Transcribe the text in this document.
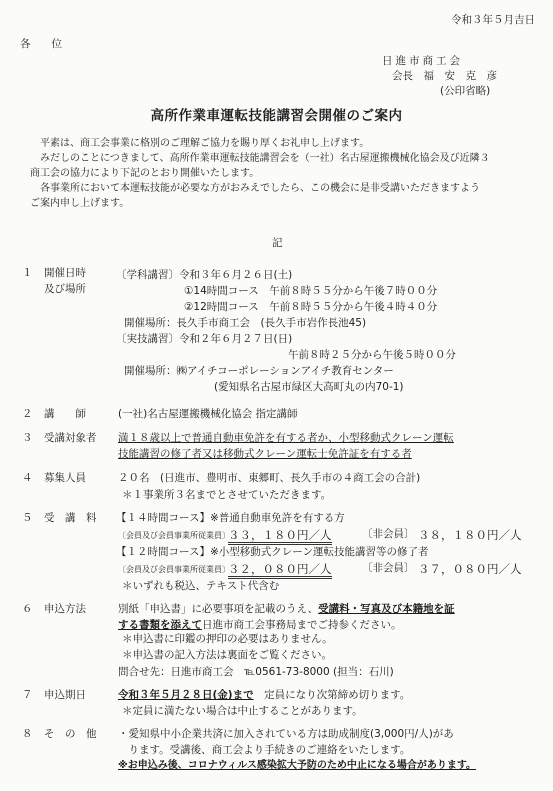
令和３年５月吉日
各　　位
日進市商工会
会長　福　安　克　彦
(公印省略)
高所作業車運転技能講習会開催のご案内
　平素は、商工会事業に格別のご理解ご協力を賜り厚くお礼申し上げます。
　みだしのことにつきまして、高所作業車運転技能講習会を（一社）名古屋運搬機械化協会及び近隣３
商工会の協力により下記のとおり開催いたします。
　各事業所において本運転技能が必要な方がおみえでしたら、この機会に是非受講いただきますよう
ご案内申し上げます。
記
１ 開催日時
及び場所
〔学科講習〕令和３年６月２６日(土)
①14時間コース　午前８時５５分から午後７時００分
②12時間コース　午前８時５５分から午後４時４０分
開催場所：長久手市商工会　(長久手市岩作長池45)
〔実技講習〕令和２年６月２７日(日)
午前８時２５分から午後５時００分
開催場所：㈱アイチコーポレーションアイチ教育センター
(愛知県名古屋市緑区大高町丸の内70-1)
２ 講　　師	(一社)名古屋運搬機械化協会 指定講師
３ 受講対象者 満１８歳以上で普通自動車免許を有する者か、小型移動式クレーン運転
技能講習の修了者又は移動式クレーン運転士免許証を有する者
４ 募集人員	２０名　(日進市、豊明市、東郷町、長久手市の４商工会の合計)
＊１事業所３名までとさせていただきます。
５ 受　講　料 【１４時間コース】※普通自動車免許を有する方
〔会員及び会員事業所従業員〕
３３，１８０円／人	〔非会員〕 ３８，１８０円／人
【１２時間コース】※小型移動式クレーン運転技能講習等の修了者
〔会員及び会員事業所従業員〕
３２，０８０円／人	〔非会員〕 ３７，０８０円／人
＊いずれも税込、テキスト代含む
６ 申込方法	別紙「申込書」に必要事項を記載のうえ、受講料・写真及び本籍地を証
する書類を添えて日進市商工会事務局までご持参ください。
＊申込書に印鑑の押印の必要はありません。
＊申込書の記入方法は裏面をご覧ください。
問合せ先：日進市商工会　℡0561-73-8000 (担当：石川)
７ 申込期日	令和３年５月２８日(金)まで　定員になり次第締め切ります。
＊定員に満たない場合は中止することがあります。
８ そ　の　他 ・愛知県中小企業共済に加入されている方は助成制度(3,000円/人)があ
　ります。受講後、商工会より手続きのご連絡をいたします。
※お申込み後、コロナウィルス感染拡大予防のため中止になる場合があります。
